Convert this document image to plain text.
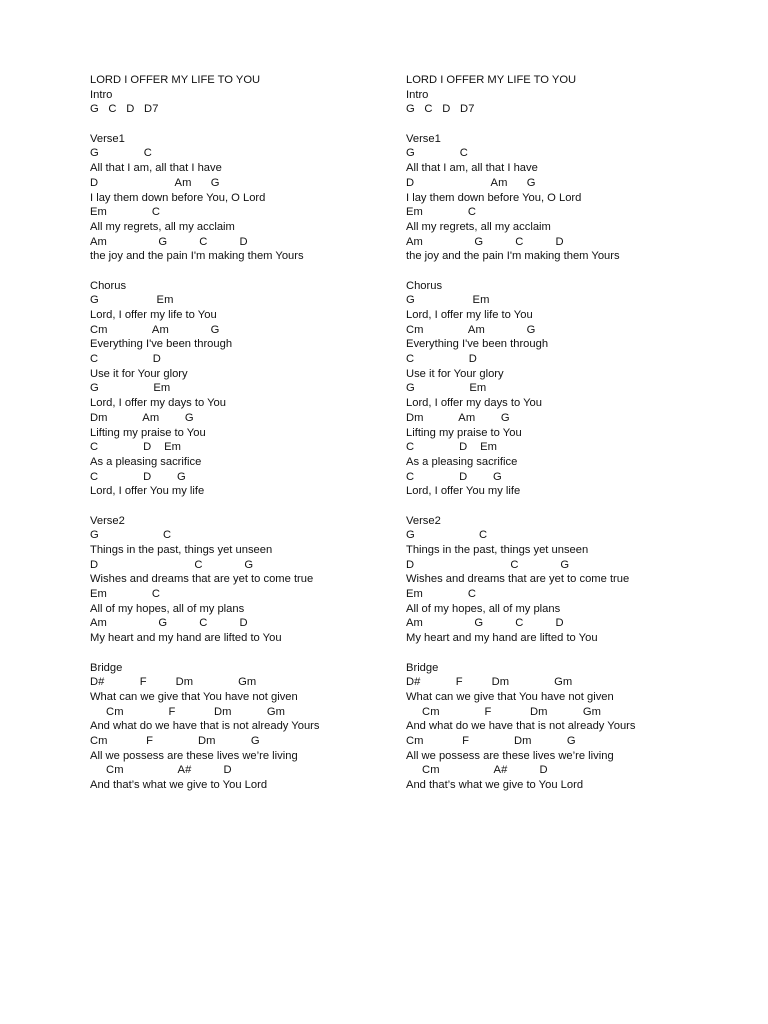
LORD I OFFER MY LIFE TO YOU
Intro
G   C   D   D7
Verse1
G              C
All that I am, all that I have
D                        Am      G
I lay them down before You, O Lord
Em              C
All my regrets, all my acclaim
Am                G          C          D
the joy and the pain I'm making them Yours
Chorus
G                  Em
Lord, I offer my life to You
Cm              Am             G
Everything I've been through
C                 D
Use it for Your glory
G                 Em
Lord, I offer my days to You
Dm           Am        G
Lifting my praise to You
C              D    Em
As a pleasing sacrifice
C              D        G
Lord, I offer You my life
Verse2
G                    C
Things in the past, things yet unseen
D                              C             G
Wishes and dreams that are yet to come true
Em              C
All of my hopes, all of my plans
Am                G          C          D
My heart and my hand are lifted to You
Bridge
D#           F         Dm              Gm
What can we give that You have not given
Cm              F            Dm           Gm
And what do we have that is not already Yours
Cm            F              Dm           G
All we possess are these lives we’re living
Cm                 A#          D
And that’s what we give to You Lord
LORD I OFFER MY LIFE TO YOU
Intro
G   C   D   D7
Verse1
G              C
All that I am, all that I have
D                        Am      G
I lay them down before You, O Lord
Em              C
All my regrets, all my acclaim
Am                G          C          D
the joy and the pain I'm making them Yours
Chorus
G                  Em
Lord, I offer my life to You
Cm              Am             G
Everything I've been through
C                 D
Use it for Your glory
G                 Em
Lord, I offer my days to You
Dm           Am        G
Lifting my praise to You
C              D    Em
As a pleasing sacrifice
C              D        G
Lord, I offer You my life
Verse2
G                    C
Things in the past, things yet unseen
D                              C             G
Wishes and dreams that are yet to come true
Em              C
All of my hopes, all of my plans
Am                G          C          D
My heart and my hand are lifted to You
Bridge
D#           F         Dm              Gm
What can we give that You have not given
Cm              F            Dm           Gm
And what do we have that is not already Yours
Cm            F              Dm           G
All we possess are these lives we’re living
Cm                 A#          D
And that’s what we give to You Lord
